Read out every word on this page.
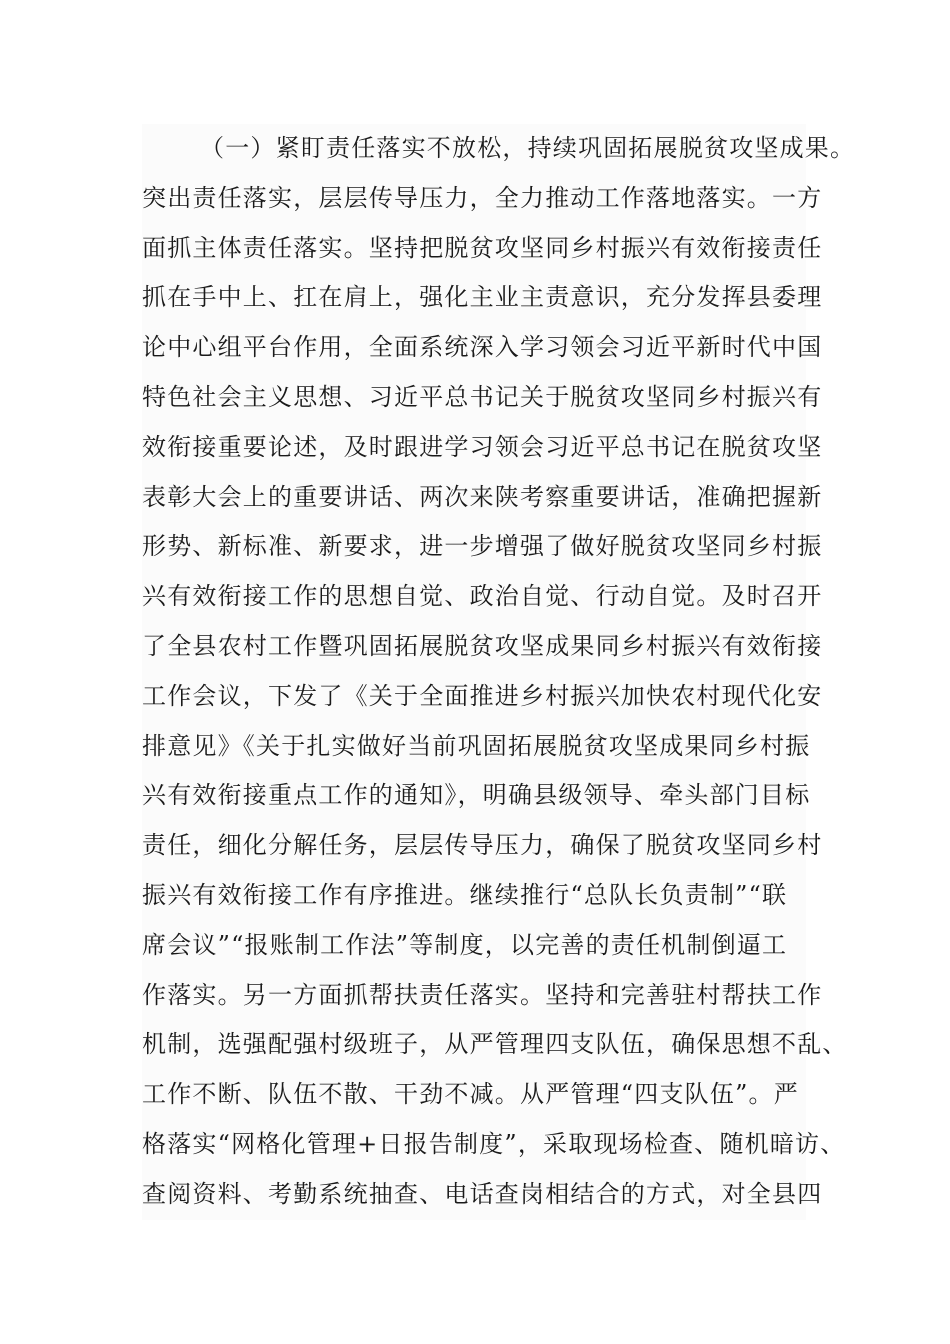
（一）紧盯责任落实不放松，持续巩固拓展脱贫攻坚成果。
突出责任落实，层层传导压力，全力推动工作落地落实。一方
面抓主体责任落实。坚持把脱贫攻坚同乡村振兴有效衔接责任
抓在手中上、扛在肩上，强化主业主责意识，充分发挥县委理
论中心组平台作用，全面系统深入学习领会习近平新时代中国
特色社会主义思想、习近平总书记关于脱贫攻坚同乡村振兴有
效衔接重要论述，及时跟进学习领会习近平总书记在脱贫攻坚
表彰大会上的重要讲话、两次来陕考察重要讲话，准确把握新
形势、新标准、新要求，进一步增强了做好脱贫攻坚同乡村振
兴有效衔接工作的思想自觉、政治自觉、行动自觉。及时召开
了全县农村工作暨巩固拓展脱贫攻坚成果同乡村振兴有效衔接
工作会议，下发了《关于全面推进乡村振兴加快农村现代化安
排意见》《关于扎实做好当前巩固拓展脱贫攻坚成果同乡村振
兴有效衔接重点工作的通知》，明确县级领导、牵头部门目标
责任，细化分解任务，层层传导压力，确保了脱贫攻坚同乡村
振兴有效衔接工作有序推进。继续推行“总队长负责制”“联
席会议”“报账制工作法”等制度，以完善的责任机制倒逼工
作落实。另一方面抓帮扶责任落实。坚持和完善驻村帮扶工作
机制，选强配强村级班子，从严管理四支队伍，确保思想不乱、
工作不断、队伍不散、干劲不减。从严管理“四支队伍”。严
格落实“网格化管理+日报告制度”，采取现场检查、随机暗访、
查阅资料、考勤系统抽查、电话查岗相结合的方式，对全县四
